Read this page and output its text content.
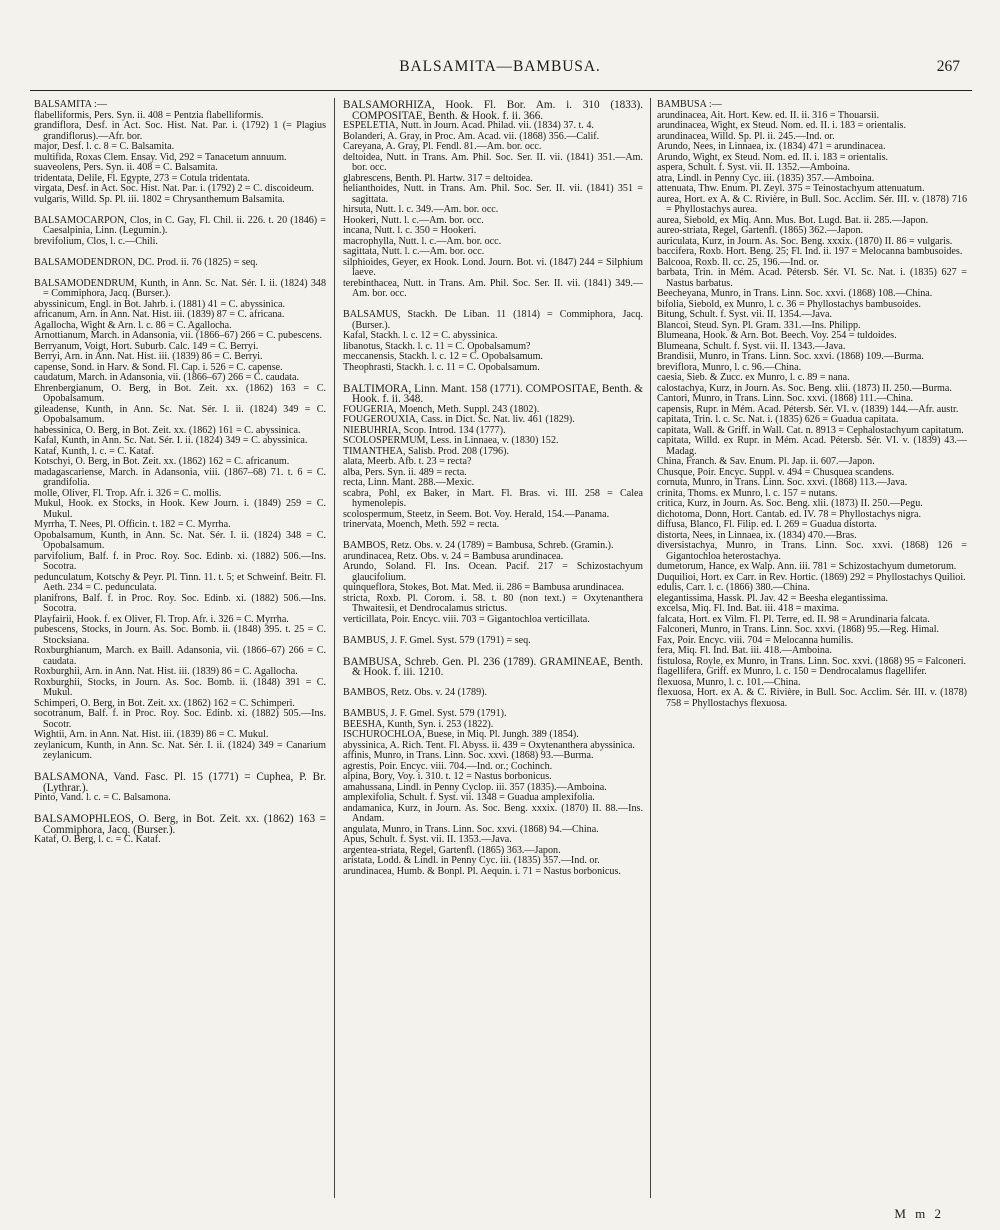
BALSAMITA—BAMBUSA.	267

BALSAMITA :—

flabelliformis, Pers. Syn. ii. 408 = Pentzia flabelliformis.

grandiflora, Desf. in Act. Soc. Hist. Nat. Par. i. (1792) 1 (= Plagius grandiflorus).—Afr. bor.

major, Desf. l. c. 8 = C. Balsamita.

multifida, Roxas Clem. Ensay. Vid, 292 = Tanacetum annuum.

suaveolens, Pers. Syn. ii. 408 = C. Balsamita.

tridentata, Delile, Fl. Egypte, 273 = Cotula tridentata.

virgata, Desf. in Act. Soc. Hist. Nat. Par. i. (1792) 2 = C. discoideum.

vulgaris, Willd. Sp. Pl. iii. 1802 = Chrysanthemum Balsamita.

BALSAMOCARPON, Clos, in C. Gay, Fl. Chil. ii. 226. t. 20 (1846) = Caesalpinia, Linn. (Legumin.).

brevifolium, Clos, l. c.—Chili.

BALSAMODENDRON, DC. Prod. ii. 76 (1825) = seq.

BALSAMODENDRUM, Kunth, in Ann. Sc. Nat. Sér. I. ii. (1824) 348 = Commiphora, Jacq. (Burser.).

abyssinicum, Engl. in Bot. Jahrb. i. (1881) 41 = C. abyssinica.

africanum, Arn. in Ann. Nat. Hist. iii. (1839) 87 = C. africana.

Agallocha, Wight & Arn. l. c. 86 = C. Agallocha.

Arnottianum, March. in Adansonia, vii. (1866–67) 266 = C. pubescens.

Berryanum, Voigt, Hort. Suburb. Calc. 149 = C. Berryi.

Berryi, Arn. in Ann. Nat. Hist. iii. (1839) 86 = C. Berryi.

capense, Sond. in Harv. & Sond. Fl. Cap. i. 526 = C. capense.

caudatum, March. in Adansonia, vii. (1866–67) 266 = C. caudata.

Ehrenbergianum, O. Berg, in Bot. Zeit. xx. (1862) 163 = C. Opobalsamum.

gileadense, Kunth, in Ann. Sc. Nat. Sér. I. ii. (1824) 349 = C. Opobalsamum.

habessinica, O. Berg, in Bot. Zeit. xx. (1862) 161 = C. abyssinica.

Kafal, Kunth, in Ann. Sc. Nat. Sér. I. ii. (1824) 349 = C. abyssinica.

Kataf, Kunth, l. c. = C. Kataf.

Kotschyi, O. Berg, in Bot. Zeit. xx. (1862) 162 = C. africanum.

madagascariense, March. in Adansonia, viii. (1867–68) 71. t. 6 = C. grandifolia.

molle, Oliver, Fl. Trop. Afr. i. 326 = C. mollis.

Mukul, Hook. ex Stocks, in Hook. Kew Journ. i. (1849) 259 = C. Mukul.

Myrrha, T. Nees, Pl. Officin. t. 182 = C. Myrrha.

Opobalsamum, Kunth, in Ann. Sc. Nat. Sér. I. ii. (1824) 348 = C. Opobalsamum.

parvifolium, Balf. f. in Proc. Roy. Soc. Edinb. xi. (1882) 506.—Ins. Socotra.

pedunculatum, Kotschy & Peyr. Pl. Tinn. 11. t. 5; et Schweinf. Beitr. Fl. Aeth. 234 = C. pedunculata.

planifrons, Balf. f. in Proc. Roy. Soc. Edinb. xi. (1882) 506.—Ins. Socotra.

Playfairii, Hook. f. ex Oliver, Fl. Trop. Afr. i. 326 = C. Myrrha.

pubescens, Stocks, in Journ. As. Soc. Bomb. ii. (1848) 395. t. 25 = C. Stocksiana.

Roxburghianum, March. ex Baill. Adansonia, vii. (1866–67) 266 = C. caudata.

Roxburghii, Arn. in Ann. Nat. Hist. iii. (1839) 86 = C. Agallocha.

Roxburghii, Stocks, in Journ. As. Soc. Bomb. ii. (1848) 391 = C. Mukul.

Schimperi, O. Berg, in Bot. Zeit. xx. (1862) 162 = C. Schimperi.

socotranum, Balf. f. in Proc. Roy. Soc. Edinb. xi. (1882) 505.—Ins. Socotr.

Wightii, Arn. in Ann. Nat. Hist. iii. (1839) 86 = C. Mukul.

zeylanicum, Kunth, in Ann. Sc. Nat. Sér. I. ii. (1824) 349 = Canarium zeylanicum.

BALSAMONA, Vand. Fasc. Pl. 15 (1771) = Cuphea, P. Br. (Lythrar.).

Pinto, Vand. l. c. = C. Balsamona.

BALSAMOPHLEOS, O. Berg, in Bot. Zeit. xx. (1862) 163 = Commiphora, Jacq. (Burser.).

Kataf, O. Berg, l. c. = C. Kataf.

BALSAMORHIZA, Hook. Fl. Bor. Am. i. 310 (1833). COMPOSITAE, Benth. & Hook. f. ii. 366.

ESPELETIA, Nutt. in Journ. Acad. Philad. vii. (1834) 37. t. 4.

Bolanderi, A. Gray, in Proc. Am. Acad. vii. (1868) 356.—Calif.

Careyana, A. Gray, Pl. Fendl. 81.—Am. bor. occ.

deltoidea, Nutt. in Trans. Am. Phil. Soc. Ser. II. vii. (1841) 351.—Am. bor. occ.

glabrescens, Benth. Pl. Hartw. 317 = deltoidea.

helianthoides, Nutt. in Trans. Am. Phil. Soc. Ser. II. vii. (1841) 351 = sagittata.

hirsuta, Nutt. l. c. 349.—Am. bor. occ.

Hookeri, Nutt. l. c.—Am. bor. occ.

incana, Nutt. l. c. 350 = Hookeri.

macrophylla, Nutt. l. c.—Am. bor. occ.

sagittata, Nutt. l. c.—Am. bor. occ.

silphioides, Geyer, ex Hook. Lond. Journ. Bot. vi. (1847) 244 = Silphium laeve.

terebinthacea, Nutt. in Trans. Am. Phil. Soc. Ser. II. vii. (1841) 349.—Am. bor. occ.

BALSAMUS, Stackh. De Liban. 11 (1814) = Commiphora, Jacq. (Burser.).

Kafal, Stackh. l. c. 12 = C. abyssinica.

libanotus, Stackh. l. c. 11 = C. Opobalsamum?

meccanensis, Stackh. l. c. 12 = C. Opobalsamum.

Theophrasti, Stackh. l. c. 11 = C. Opobalsamum.

BALTIMORA, Linn. Mant. 158 (1771). COMPOSITAE, Benth. & Hook. f. ii. 348.

FOUGERIA, Moench, Meth. Suppl. 243 (1802).

FOUGEROUXIA, Cass. in Dict. Sc. Nat. liv. 461 (1829).

NIEBUHRIA, Scop. Introd. 134 (1777).

SCOLOSPERMUM, Less. in Linnaea, v. (1830) 152.

TIMANTHEA, Salisb. Prod. 208 (1796).

alata, Meerb. Afb. t. 23 = recta?

alba, Pers. Syn. ii. 489 = recta.

recta, Linn. Mant. 288.—Mexic.

scabra, Pohl, ex Baker, in Mart. Fl. Bras. vi. III. 258 = Calea hymenolepis.

scolospermum, Steetz, in Seem. Bot. Voy. Herald, 154.—Panama.

trinervata, Moench, Meth. 592 = recta.

BAMBOS, Retz. Obs. v. 24 (1789) = Bambusa, Schreb. (Gramin.).

arundinacea, Retz. Obs. v. 24 = Bambusa arundinacea.

Arundo, Soland. Fl. Ins. Ocean. Pacif. 217 = Schizostachyum glaucifolium.

quinqueflora, Stokes, Bot. Mat. Med. ii. 286 = Bambusa arundinacea.

stricta, Roxb. Pl. Corom. i. 58. t. 80 (non text.) = Oxytenanthera Thwaitesii, et Dendrocalamus strictus.

verticillata, Poir. Encyc. viii. 703 = Gigantochloa verticillata.

BAMBUS, J. F. Gmel. Syst. 579 (1791) = seq.

BAMBUSA, Schreb. Gen. Pl. 236 (1789). GRAMINEAE, Benth. & Hook. f. iii. 1210.

BAMBOS, Retz. Obs. v. 24 (1789).

BAMBUS, J. F. Gmel. Syst. 579 (1791).

BEESHA, Kunth, Syn. i. 253 (1822).

ISCHUROCHLOA, Buese, in Miq. Pl. Jungh. 389 (1854).

abyssinica, A. Rich. Tent. Fl. Abyss. ii. 439 = Oxytenanthera abyssinica.

affinis, Munro, in Trans. Linn. Soc. xxvi. (1868) 93.—Burma.

agrestis, Poir. Encyc. viii. 704.—Ind. or.; Cochinch.

alpina, Bory, Voy. i. 310. t. 12 = Nastus borbonicus.

amahussana, Lindl. in Penny Cyclop. iii. 357 (1835).—Amboina.

amplexifolia, Schult. f. Syst. vii. 1348 = Guadua amplexifolia.

andamanica, Kurz, in Journ. As. Soc. Beng. xxxix. (1870) II. 88.—Ins. Andam.

angulata, Munro, in Trans. Linn. Soc. xxvi. (1868) 94.—China.

Apus, Schult. f. Syst. vii. II. 1353.—Java.

argentea-striata, Regel, Gartenfl. (1865) 363.—Japon.

aristata, Lodd. & Lindl. in Penny Cyc. iii. (1835) 357.—Ind. or.

arundinacea, Humb. & Bonpl. Pl. Aequin. i. 71 = Nastus borbonicus.

BAMBUSA :—

arundinacea, Ait. Hort. Kew. ed. II. ii. 316 = Thouarsii.

arundinacea, Wight, ex Steud. Nom. ed. II. i. 183 = orientalis.

arundinacea, Willd. Sp. Pl. ii. 245.—Ind. or.

Arundo, Nees, in Linnaea, ix. (1834) 471 = arundinacea.

Arundo, Wight, ex Steud. Nom. ed. II. i. 183 = orientalis.

aspera, Schult. f. Syst. vii. II. 1352.—Amboina.

atra, Lindl. in Penny Cyc. iii. (1835) 357.—Amboina.

attenuata, Thw. Enum. Pl. Zeyl. 375 = Teinostachyum attenuatum.

aurea, Hort. ex A. & C. Rivière, in Bull. Soc. Acclim. Sér. III. v. (1878) 716 = Phyllostachys aurea.

aurea, Siebold, ex Miq. Ann. Mus. Bot. Lugd. Bat. ii. 285.—Japon.

aureo-striata, Regel, Gartenfl. (1865) 362.—Japon.

auriculata, Kurz, in Journ. As. Soc. Beng. xxxix. (1870) II. 86 = vulgaris.

baccifera, Roxb. Hort. Beng. 25; Fl. Ind. ii. 197 = Melocanna bambusoides.

Balcooa, Roxb. Il. cc. 25, 196.—Ind. or.

barbata, Trin. in Mém. Acad. Pétersb. Sér. VI. Sc. Nat. i. (1835) 627 = Nastus barbatus.

Beecheyana, Munro, in Trans. Linn. Soc. xxvi. (1868) 108.—China.

bifolia, Siebold, ex Munro, l. c. 36 = Phyllostachys bambusoides.

Bitung, Schult. f. Syst. vii. II. 1354.—Java.

Blancoi, Steud. Syn. Pl. Gram. 331.—Ins. Philipp.

Blumeana, Hook. & Arn. Bot. Beech. Voy. 254 = tuldoides.

Blumeana, Schult. f. Syst. vii. II. 1343.—Java.

Brandisii, Munro, in Trans. Linn. Soc. xxvi. (1868) 109.—Burma.

breviflora, Munro, l. c. 96.—China.

caesia, Sieb. & Zucc. ex Munro, l. c. 89 = nana.

calostachya, Kurz, in Journ. As. Soc. Beng. xlii. (1873) II. 250.—Burma.

Cantori, Munro, in Trans. Linn. Soc. xxvi. (1868) 111.—China.

capensis, Rupr. in Mém. Acad. Pétersb. Sér. VI. v. (1839) 144.—Afr. austr.

capitata, Trin. l. c. Sc. Nat. i. (1835) 626 = Guadua capitata.

capitata, Wall. & Griff. in Wall. Cat. n. 8913 = Cephalostachyum capitatum.

capitata, Willd. ex Rupr. in Mém. Acad. Pétersb. Sér. VI. v. (1839) 43.—Madag.

China, Franch. & Sav. Enum. Pl. Jap. ii. 607.—Japon.

Chusque, Poir. Encyc. Suppl. v. 494 = Chusquea scandens.

cornuta, Munro, in Trans. Linn. Soc. xxvi. (1868) 113.—Java.

crinita, Thoms. ex Munro, l. c. 157 = nutans.

critica, Kurz, in Journ. As. Soc. Beng. xlii. (1873) II. 250.—Pegu.

dichotoma, Donn, Hort. Cantab. ed. IV. 78 = Phyllostachys nigra.

diffusa, Blanco, Fl. Filip. ed. I. 269 = Guadua distorta.

distorta, Nees, in Linnaea, ix. (1834) 470.—Bras.

diversistachya, Munro, in Trans. Linn. Soc. xxvi. (1868) 126 = Gigantochloa heterostachya.

dumetorum, Hance, ex Walp. Ann. iii. 781 = Schizostachyum dumetorum.

Duquilioi, Hort. ex Carr. in Rev. Hortic. (1869) 292 = Phyllostachys Quilioi.

edulis, Carr. l. c. (1866) 380.—China.

elegantissima, Hassk. Pl. Jav. 42 = Beesha elegantissima.

excelsa, Miq. Fl. Ind. Bat. iii. 418 = maxima.

falcata, Hort. ex Vilm. Fl. Pl. Terre, ed. II. 98 = Arundinaria falcata.

Falconeri, Munro, in Trans. Linn. Soc. xxvi. (1868) 95.—Reg. Himal.

Fax, Poir. Encyc. viii. 704 = Melocanna humilis.

fera, Miq. Fl. Ind. Bat. iii. 418.—Amboina.

fistulosa, Royle, ex Munro, in Trans. Linn. Soc. xxvi. (1868) 95 = Falconeri.

flagellifera, Griff. ex Munro, l. c. 150 = Dendrocalamus flagellifer.

flexuosa, Munro, l. c. 101.—China.

flexuosa, Hort. ex A. & C. Rivière, in Bull. Soc. Acclim. Sér. III. v. (1878) 758 = Phyllostachys flexuosa.

M m 2
